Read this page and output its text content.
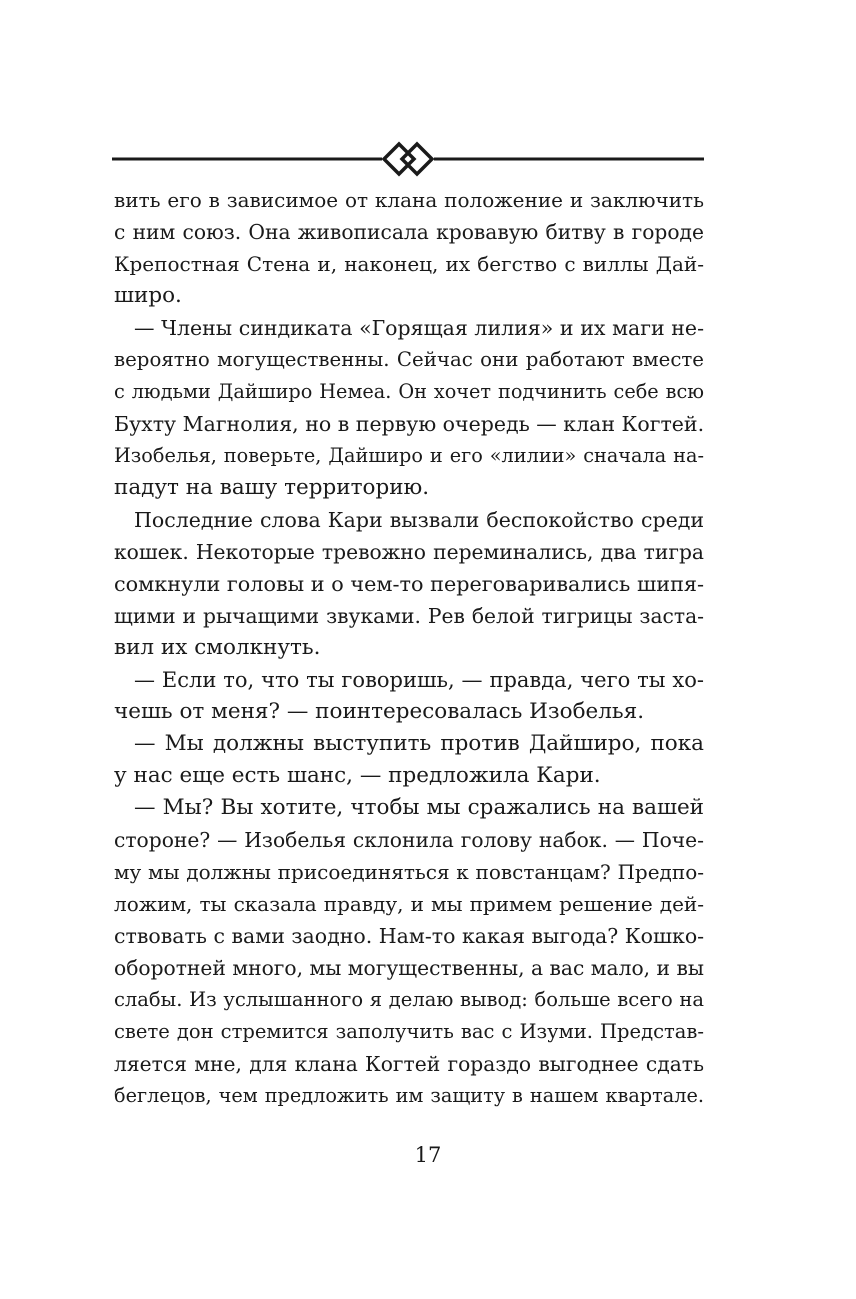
вить его в зависимое от клана положение и заключить
с ним союз. Она живописала кровавую битву в городе
Крепостная Стена и, наконец, их бегство с виллы Дай-
широ.
— Члены синдиката «Горящая лилия» и их маги не-
вероятно могущественны. Сейчас они работают вместе
с людьми Дайширо Немеа. Он хочет подчинить себе всю
Бухту Магнолия, но в первую очередь — клан Когтей.
Изобелья, поверьте, Дайширо и его «лилии» сначала на-
падут на вашу территорию.
Последние слова Кари вызвали беспокойство среди
кошек. Некоторые тревожно переминались, два тигра
сомкнули головы и о чем-то переговаривались шипя-
щими и рычащими звуками. Рев белой тигрицы заста-
вил их смолкнуть.
— Если то, что ты говоришь, — правда, чего ты хо-
чешь от меня? — поинтересовалась Изобелья.
— Мы должны выступить против Дайширо, пока
у нас еще есть шанс, — предложила Кари.
— Мы? Вы хотите, чтобы мы сражались на вашей
стороне? — Изобелья склонила голову набок. — Поче-
му мы должны присоединяться к повстанцам? Предпо-
ложим, ты сказала правду, и мы примем решение дей-
ствовать с вами заодно. Нам-то какая выгода? Кошко-
оборотней много, мы могущественны, а вас мало, и вы
слабы. Из услышанного я делаю вывод: больше всего на
свете дон стремится заполучить вас с Изуми. Представ-
ляется мне, для клана Когтей гораздо выгоднее сдать
беглецов, чем предложить им защиту в нашем квартале.
17
